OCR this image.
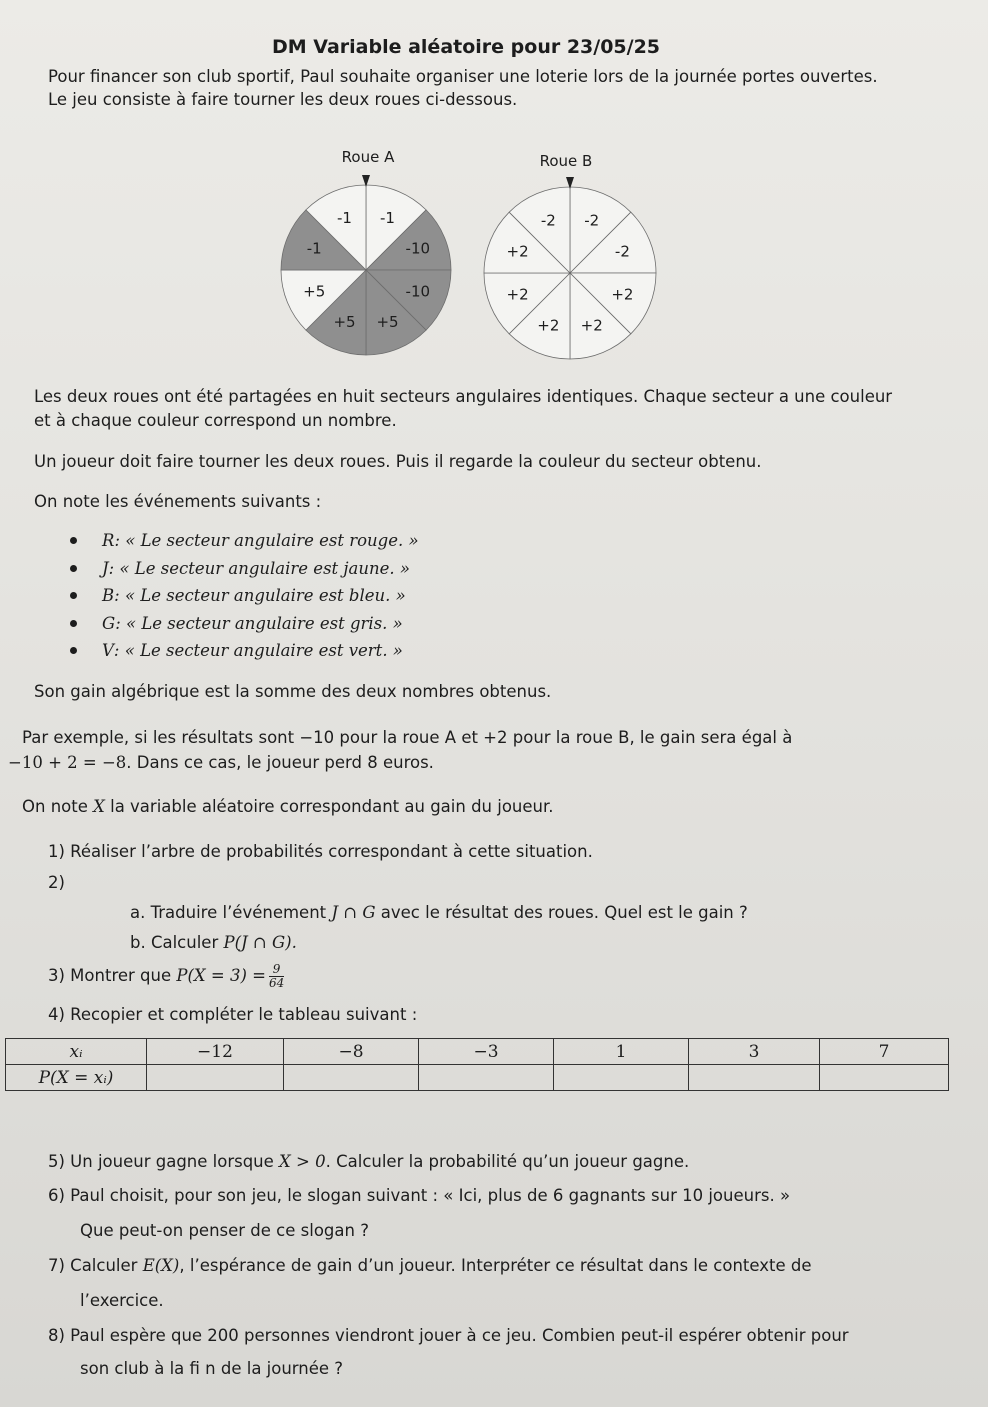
DM Variable aléatoire pour 23/05/25
Pour financer son club sportif, Paul souhaite organiser une loterie lors de la journée portes ouvertes.
Le jeu consiste à faire tourner les deux roues ci-dessous.
Roue A
-1
-10
-10
+5
+5
+5
-1
-1
Roue B
-2
-2
+2
+2
+2
+2
+2
-2
Les deux roues ont été partagées en huit secteurs angulaires identiques. Chaque secteur a une couleur
et à chaque couleur correspond un nombre.
Un joueur doit faire tourner les deux roues. Puis il regarde la couleur du secteur obtenu.
On note les événements suivants :
R : « Le secteur angulaire est rouge. »
J : « Le secteur angulaire est jaune. »
B : « Le secteur angulaire est bleu. »
G : « Le secteur angulaire est gris. »
V : « Le secteur angulaire est vert. »
Son gain algébrique est la somme des deux nombres obtenus.
Par exemple, si les résultats sont −10 pour la roue A et +2 pour la roue B, le gain sera égal à
−10 + 2 = −8. Dans ce cas, le joueur perd 8 euros.
On note X la variable aléatoire correspondant au gain du joueur.
1) Réaliser l’arbre de probabilités correspondant à cette situation.
2)
a. Traduire l’événement J ∩ G avec le résultat des roues. Quel est le gain ?
b. Calculer P(J ∩ G).
3) Montrer que $P(X = 3) = \frac{9}{64}$
4) Recopier et compléter le tableau suivant :
xᵢ	−12	−8	−3	1	3	7
P(X = xᵢ)						
5) Un joueur gagne lorsque X > 0. Calculer la probabilité qu’un joueur gagne.
6) Paul choisit, pour son jeu, le slogan suivant : « Ici, plus de 6 gagnants sur 10 joueurs. »
Que peut-on penser de ce slogan ?
7) Calculer E(X), l’espérance de gain d’un joueur. Interpréter ce résultat dans le contexte de
l’exercice.
8) Paul espère que 200 personnes viendront jouer à ce jeu. Combien peut-il espérer obtenir pour
son club à la fi n de la journée ?
